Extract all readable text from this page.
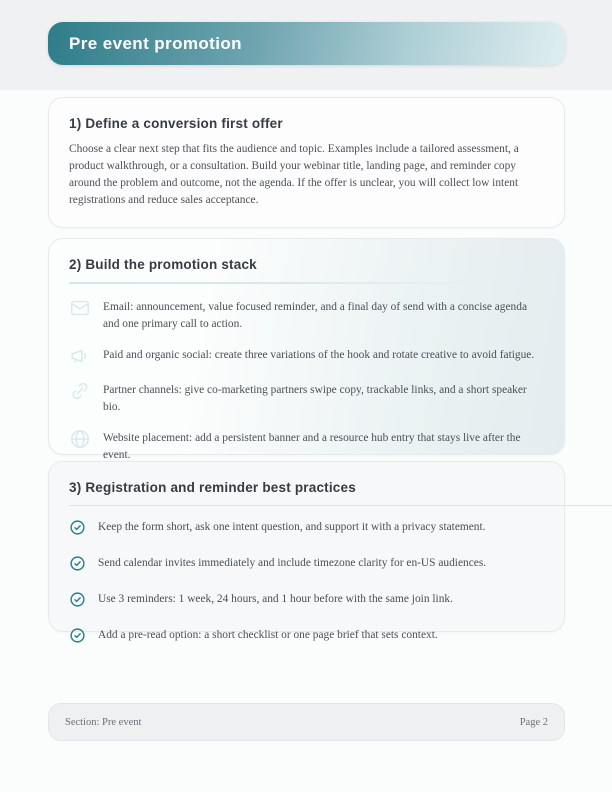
Pre event promotion
1) Define a conversion first offer

Choose a clear next step that fits the audience and topic. Examples include a tailored assessment, a product walkthrough, or a consultation. Build your webinar title, landing page, and reminder copy around the problem and outcome, not the agenda. If the offer is unclear, you will collect low intent registrations and reduce sales acceptance.

2) Build the promotion stack

Email: announcement, value focused reminder, and a final day of send with a concise agenda and one primary call to action.

Paid and organic social: create three variations of the hook and rotate creative to avoid fatigue.

Partner channels: give co-marketing partners swipe copy, trackable links, and a short speaker bio.

Website placement: add a persistent banner and a resource hub entry that stays live after the event.

3) Registration and reminder best practices

Keep the form short, ask one intent question, and support it with a privacy statement.

Send calendar invites immediately and include timezone clarity for en-US audiences.

Use 3 reminders: 1 week, 24 hours, and 1 hour before with the same join link.

Add a pre-read option: a short checklist or one page brief that sets context.

Section: Pre event	Page 2
